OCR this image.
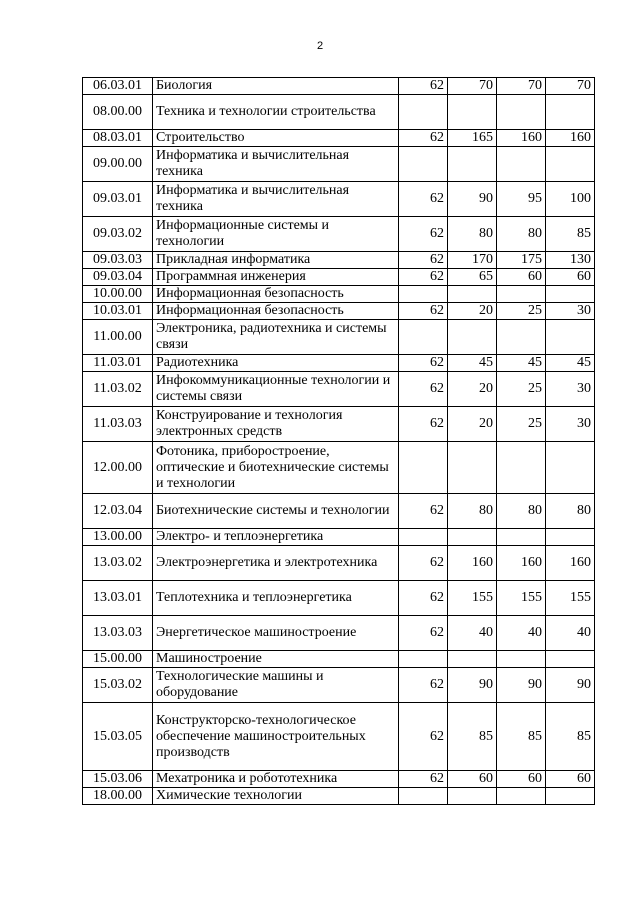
2
06.03.01	Биология	62	70	70	70
08.00.00	Техника и технологии строительства				
08.03.01	Строительство	62	165	160	160
09.00.00	Информатика и вычислительная техника				
09.03.01	Информатика и вычислительная техника	62	90	95	100
09.03.02	Информационные системы и технологии	62	80	80	85
09.03.03	Прикладная информатика	62	170	175	130
09.03.04	Программная инженерия	62	65	60	60
10.00.00	Информационная безопасность				
10.03.01	Информационная безопасность	62	20	25	30
11.00.00	Электроника, радиотехника и системы связи				
11.03.01	Радиотехника	62	45	45	45
11.03.02	Инфокоммуникационные технологии и системы связи	62	20	25	30
11.03.03	Конструирование и технология электронных средств	62	20	25	30
12.00.00	Фотоника, приборостроение, оптические и биотехнические системы и технологии				
12.03.04	Биотехнические системы и технологии	62	80	80	80
13.00.00	Электро- и теплоэнергетика				
13.03.02	Электроэнергетика и электротехника	62	160	160	160
13.03.01	Теплотехника и теплоэнергетика	62	155	155	155
13.03.03	Энергетическое машиностроение	62	40	40	40
15.00.00	Машиностроение				
15.03.02	Технологические машины и оборудование	62	90	90	90
15.03.05	Конструкторско-технологическое обеспечение машиностроительных производств	62	85	85	85
15.03.06	Мехатроника и робототехника	62	60	60	60
18.00.00	Химические технологии				
